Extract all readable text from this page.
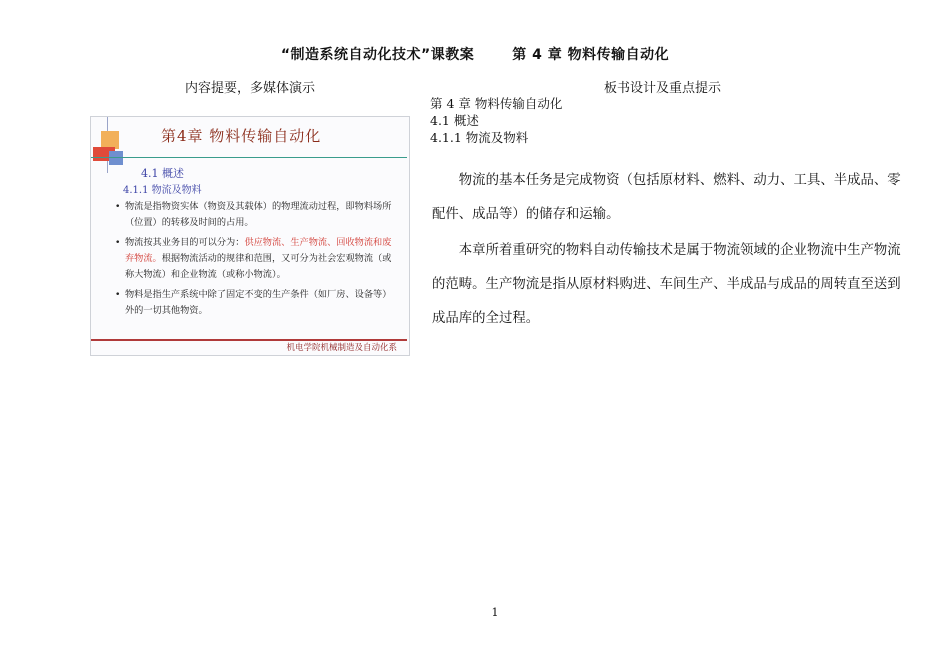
“制造系统自动化技术”课教案	第 4 章 物料传输自动化
内容提要，多媒体演示	板书设计及重点提示
第4章 物料传输自动化
4.1 概述
4.1.1 物流及物料
• 物流是指物资实体（物资及其载体）的物理流动过程，即物料场所（位置）的转移及时间的占用。
• 物流按其业务目的可以分为：供应物流、生产物流、回收物流和废弃物流。根据物流活动的规律和范围，又可分为社会宏观物流（或称大物流）和企业物流（或称小物流）。
• 物料是指生产系统中除了固定不变的生产条件（如厂房、设备等）外的一切其他物资。
机电学院机械制造及自动化系
第 4 章 物料传输自动化
4.1 概述
4.1.1 物流及物料

物流的基本任务是完成物资（包括原材料、燃料、动力、工具、半成品、零配件、成品等）的储存和运输。

本章所着重研究的物料自动传输技术是属于物流领域的企业物流中生产物流的范畴。生产物流是指从原材料购进、车间生产、半成品与成品的周转直至送到成品库的全过程。

1
